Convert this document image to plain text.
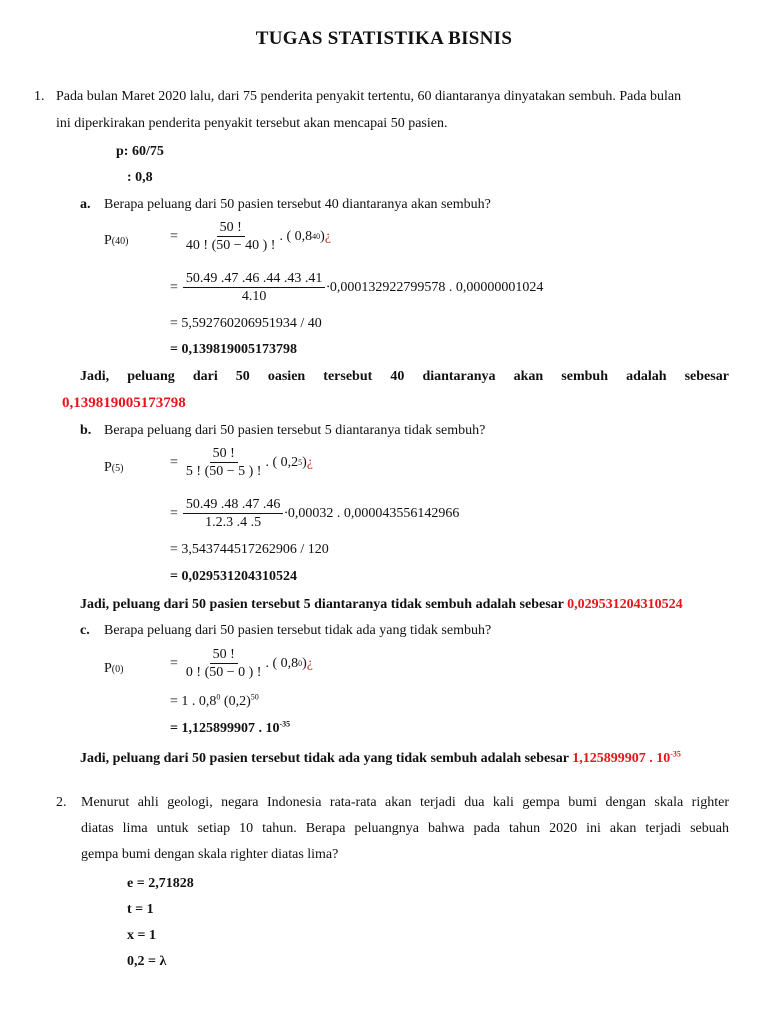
TUGAS STATISTIKA BISNIS
1. Pada bulan Maret 2020 lalu, dari 75 penderita penyakit tertentu, 60 diantaranya dinyatakan sembuh. Pada bulan
ini diperkirakan penderita penyakit tersebut akan mencapai 50 pasien.
p: 60/75
: 0,8
a. Berapa peluang dari 50 pasien tersebut 40 diantaranya akan sembuh?
P(40)	= $\frac{50 !}{40 ! (50 - 40 ) !}$ . ( 0,8 40 ) ¿
= $\frac{50.49 .47 .46 .44 .43 .41}{4.10} \cdot 0,000132922799578$ . 0,00000001024
= 5,592760206951934 / 40
= 0,139819005173798
Jadi, peluang dari 50 oasien tersebut 40 diantaranya akan sembuh adalah sebesar
0,139819005173798
b. Berapa peluang dari 50 pasien tersebut 5 diantaranya tidak sembuh?
P(5)	= $\frac{50 !}{5 ! (50 - 5 ) !}$ . ( 0,2 5 ) ¿
= $\frac{50.49 .48 .47 .46}{1.2.3 .4 .5} \cdot 0,00032$ . 0,000043556142966
= 3,543744517262906 / 120
= 0,029531204310524
Jadi, peluang dari 50 pasien tersebut 5 diantaranya tidak sembuh adalah sebesar 0,029531204310524
c. Berapa peluang dari 50 pasien tersebut tidak ada yang tidak sembuh?
P(0)	= $\frac{50 !}{0 ! (50 - 0 ) !}$ . ( 0,8 0 ) ¿
= 1 . $0,8^0$ $(0,2)^{50}$
= 1,125899907 . $10^{-35}$
Jadi, peluang dari 50 pasien tersebut tidak ada yang tidak sembuh adalah sebesar 1,125899907 . $10^{-35}$
2. Menurut ahli geologi, negara Indonesia rata-rata akan terjadi dua kali gempa bumi dengan skala righter
diatas lima untuk setiap 10 tahun. Berapa peluangnya bahwa pada tahun 2020 ini akan terjadi sebuah
gempa bumi dengan skala righter diatas lima?
e = 2,71828
t = 1
x = 1
0,2 = λ
